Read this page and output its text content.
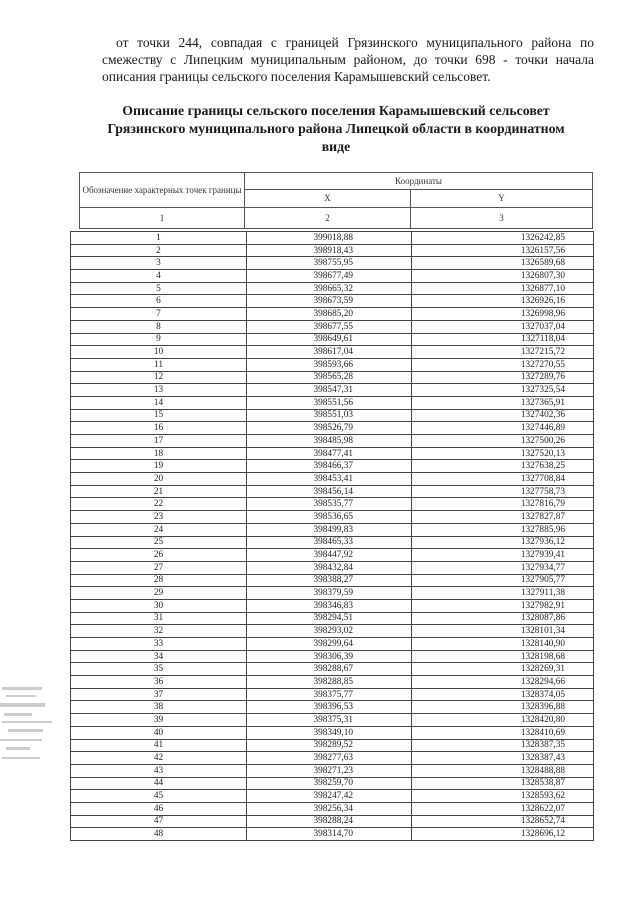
от точки 244, совпадая с границей Грязинского муниципального района по смежеству с Липецким муниципальным районом, до точки 698 - точки начала описания границы сельского поселения Карамышевский сельсовет.

Описание границы сельского поселения Карамышевский сельсовет
Грязинского муниципального района Липецкой области в координатном
виде
Обозначение характерных точек границы	Координаты	
	X	Y
1	2	3
1	399018,88	1326242,85
2	398918,43	1326157,56
3	398755,95	1326589,68
4	398677,49	1326807,30
5	398665,32	1326877,10
6	398673,59	1326926,16
7	398685,20	1326998,96
8	398677,55	1327037,04
9	398649,61	1327118,04
10	398617,04	1327215,72
11	398593,66	1327270,55
12	398565,28	1327289,76
13	398547,31	1327325,54
14	398551,56	1327365,91
15	398551,03	1327402,36
16	398526,79	1327446,89
17	398485,98	1327500,26
18	398477,41	1327520,13
19	398466,37	1327638,25
20	398453,41	1327708,84
21	398456,14	1327758,73
22	398535,77	1327816,79
23	398536,65	1327827,87
24	398499,83	1327885,96
25	398465,33	1327936,12
26	398447,92	1327939,41
27	398432,84	1327934,77
28	398388,27	1327905,77
29	398379,59	1327911,38
30	398346,83	1327982,91
31	398294,51	1328087,86
32	398293,02	1328101,34
33	398299,64	1328140,90
34	398306,39	1328198,68
35	398288,67	1328269,31
36	398288,85	1328294,66
37	398375,77	1328374,05
38	398396,53	1328396,88
39	398375,31	1328420,80
40	398349,10	1328410,69
41	398289,52	1328387,35
42	398277,63	1328387,43
43	398271,23	1328488,88
44	398259,70	1328538,87
45	398247,42	1328593,62
46	398256,34	1328622,07
47	398288,24	1328652,74
48	398314,70	1328696,12
